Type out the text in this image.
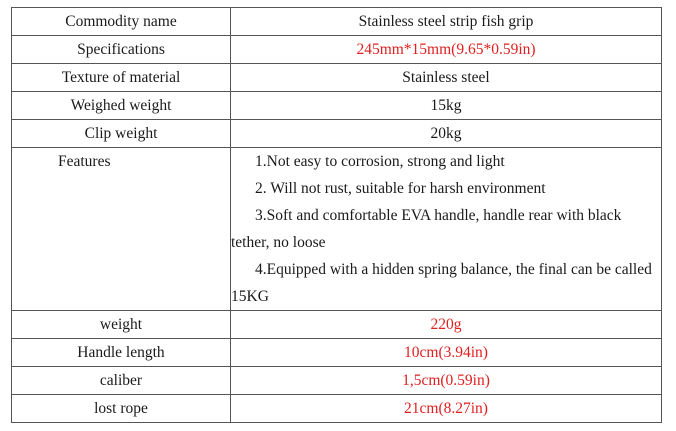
Commodity name	Stainless steel strip fish grip
Specifications	245mm*15mm(9.65*0.59in)
Texture of material	Stainless steel
Weighed weight	15kg
Clip weight	20kg
Features	1.Not easy to corrosion, strong and light
2. Will not rust, suitable for harsh environment
3.Soft and comfortable EVA handle, handle rear with black tether, no loose
4.Equipped with a hidden spring balance, the final can be called 15KG

weight	220g
Handle length	10cm(3.94in)
caliber	1,5cm(0.59in)
lost rope	21cm(8.27in)
